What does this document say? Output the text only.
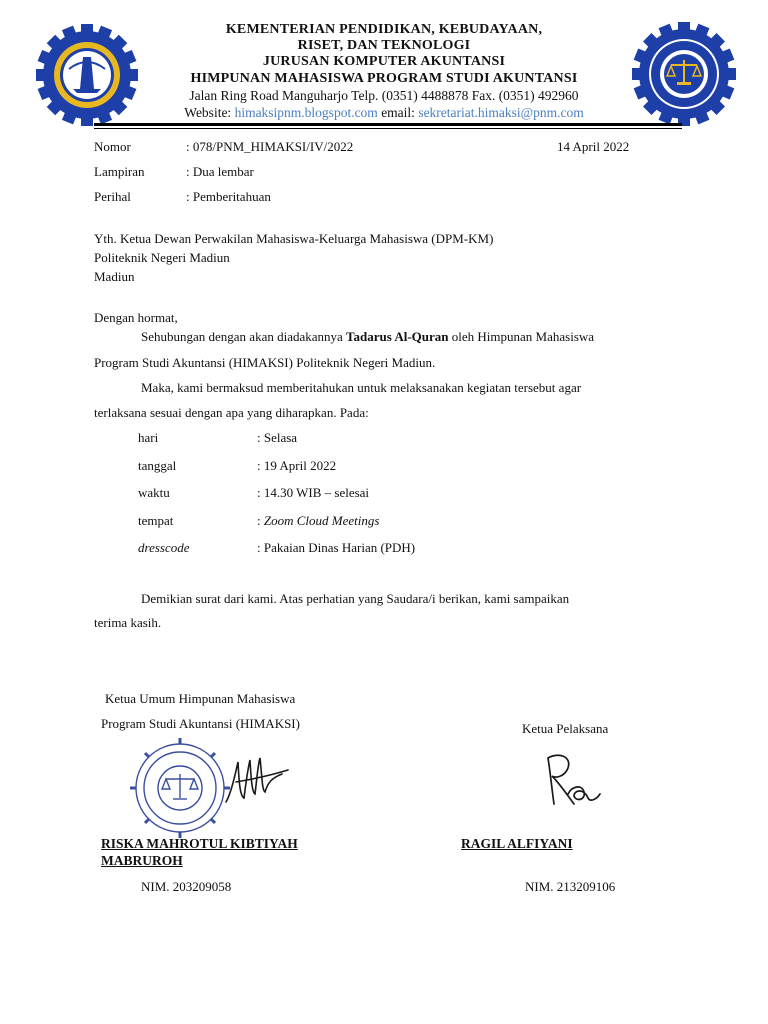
KEMENTERIAN PENDIDIKAN, KEBUDAYAAN,
RISET, DAN TEKNOLOGI
JURUSAN KOMPUTER AKUNTANSI
HIMPUNAN MAHASISWA PROGRAM STUDI AKUNTANSI
Jalan Ring Road Manguharjo Telp. (0351) 4488878 Fax. (0351) 492960
Website: himaksipnm.blogspot.com email: sekretariat.himaksi@pnm.com
Nomor	: 078/PNM_HIMAKSI/IV/2022	14 April 2022
Lampiran	: Dua lembar
Perihal	: Pemberitahuan
Yth. Ketua Dewan Perwakilan Mahasiswa-Keluarga Mahasiswa (DPM-KM)
Politeknik Negeri Madiun
Madiun
Dengan hormat,
Sehubungan dengan akan diadakannya Tadarus Al-Quran oleh Himpunan Mahasiswa
Program Studi Akuntansi (HIMAKSI) Politeknik Negeri Madiun.
Maka, kami bermaksud memberitahukan untuk melaksanakan kegiatan tersebut agar
terlaksana sesuai dengan apa yang diharapkan. Pada:
hari	: Selasa
tanggal	: 19 April 2022
waktu	: 14.30 WIB – selesai
tempat	: Zoom Cloud Meetings
dresscode	: Pakaian Dinas Harian (PDH)
Demikian surat dari kami. Atas perhatian yang Saudara/i berikan, kami sampaikan
terima kasih.
Ketua Umum Himpunan Mahasiswa
Program Studi Akuntansi (HIMAKSI)	Ketua Pelaksana
RISKA MAHROTUL KIBTIYAH
MABRUROH
RAGIL ALFIYANI
NIM. 203209058	NIM. 213209106
